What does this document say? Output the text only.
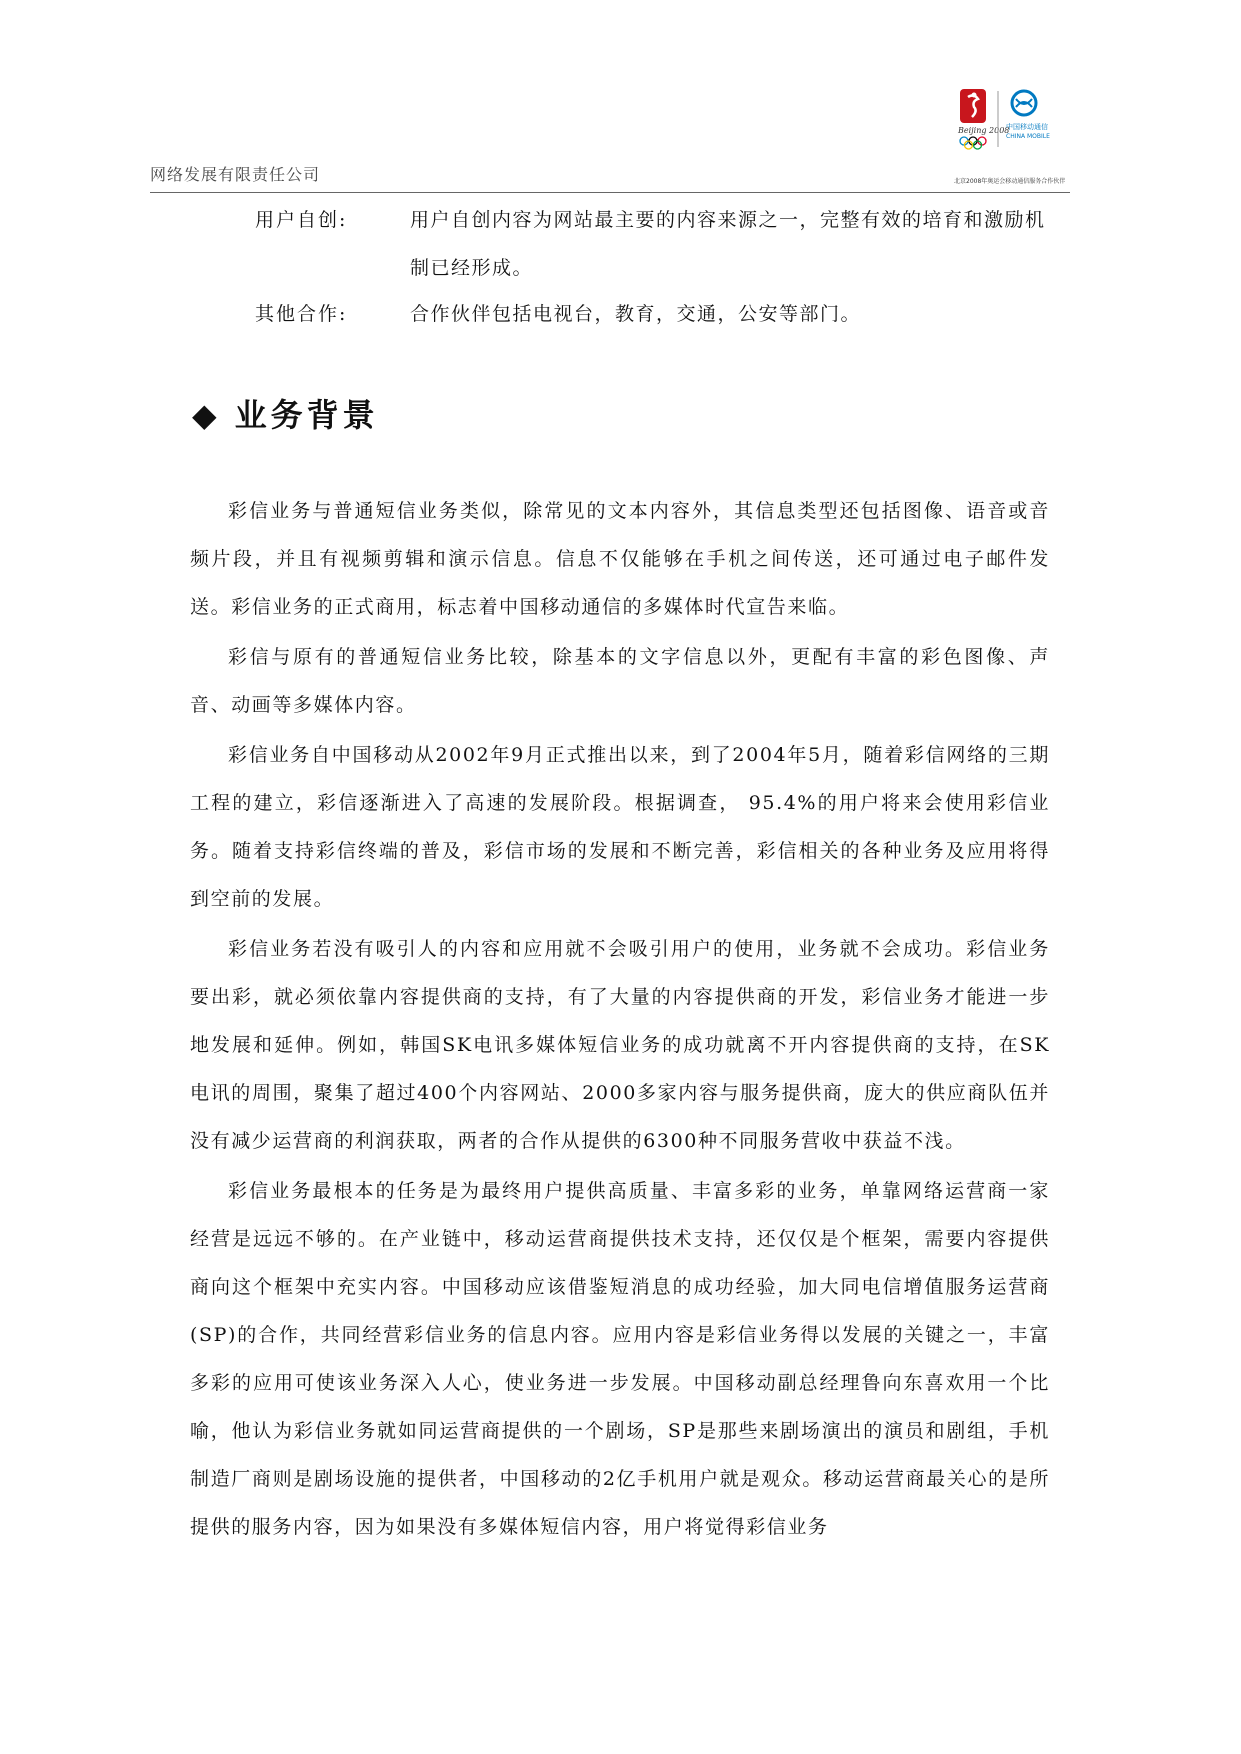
网络发展有限责任公司
Beijing 2008
中国移动通信
CHINA MOBILE
北京2008年奥运会移动通信服务合作伙伴
用户自创:	用户自创内容为网站最主要的内容来源之一，完整有效的培育和激励机制已经形成。
其他合作:	合作伙伴包括电视台，教育，交通，公安等部门。
◆ 业务背景

彩信业务与普通短信业务类似，除常见的文本内容外，其信息类型还包括图像、语音或音频片段，并且有视频剪辑和演示信息。信息不仅能够在手机之间传送，还可通过电子邮件发送。彩信业务的正式商用，标志着中国移动通信的多媒体时代宣告来临。

彩信与原有的普通短信业务比较，除基本的文字信息以外，更配有丰富的彩色图像、声音、动画等多媒体内容。

彩信业务自中国移动从2002年9月正式推出以来，到了2004年5月，随着彩信网络的三期工程的建立，彩信逐渐进入了高速的发展阶段。根据调查， 95.4%的用户将来会使用彩信业务。随着支持彩信终端的普及，彩信市场的发展和不断完善，彩信相关的各种业务及应用将得到空前的发展。

彩信业务若没有吸引人的内容和应用就不会吸引用户的使用，业务就不会成功。彩信业务要出彩，就必须依靠内容提供商的支持，有了大量的内容提供商的开发，彩信业务才能进一步地发展和延伸。例如，韩国SK电讯多媒体短信业务的成功就离不开内容提供商的支持，在SK电讯的周围，聚集了超过400个内容网站、2000多家内容与服务提供商，庞大的供应商队伍并没有减少运营商的利润获取，两者的合作从提供的6300种不同服务营收中获益不浅。

彩信业务最根本的任务是为最终用户提供高质量、丰富多彩的业务，单靠网络运营商一家经营是远远不够的。在产业链中，移动运营商提供技术支持，还仅仅是个框架，需要内容提供商向这个框架中充实内容。中国移动应该借鉴短消息的成功经验，加大同电信增值服务运营商(SP)的合作，共同经营彩信业务的信息内容。应用内容是彩信业务得以发展的关键之一，丰富多彩的应用可使该业务深入人心，使业务进一步发展。中国移动副总经理鲁向东喜欢用一个比喻，他认为彩信业务就如同运营商提供的一个剧场，SP是那些来剧场演出的演员和剧组，手机制造厂商则是剧场设施的提供者，中国移动的2亿手机用户就是观众。移动运营商最关心的是所提供的服务内容，因为如果没有多媒体短信内容，用户将觉得彩信业务
